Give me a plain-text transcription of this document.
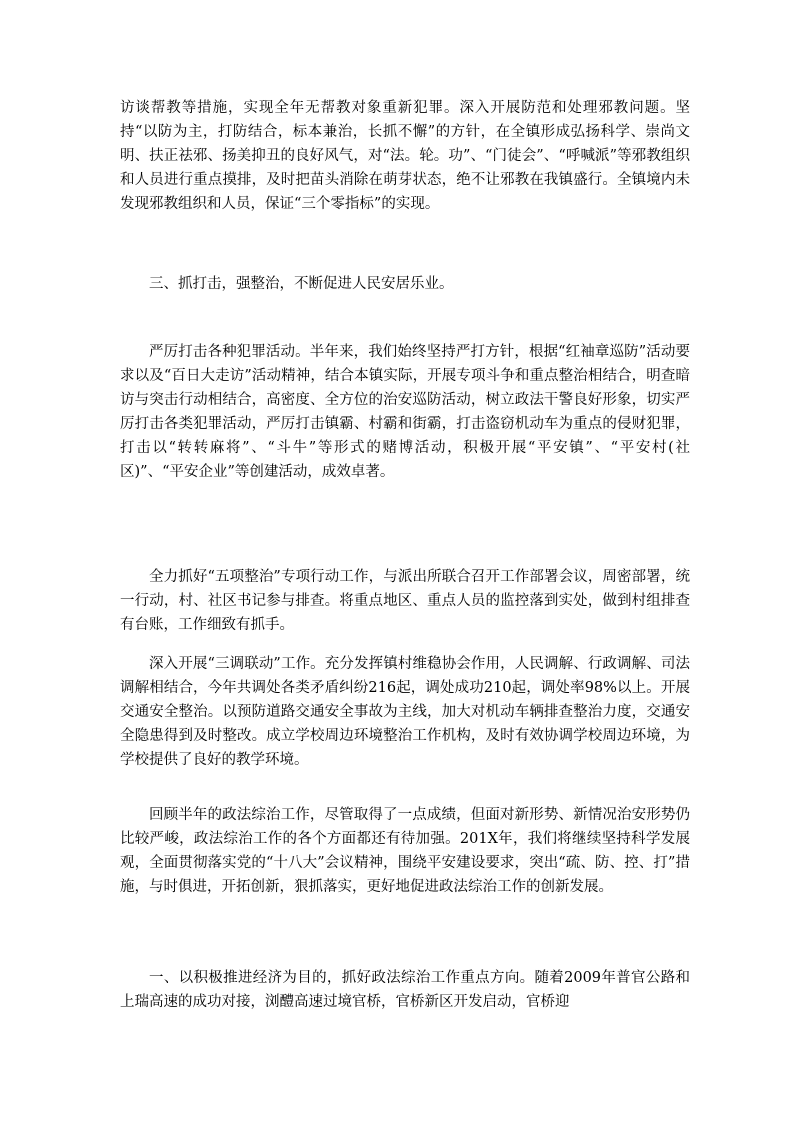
访谈帮教等措施，实现全年无帮教对象重新犯罪。深入开展防范和处理邪教问题。坚持“以防为主，打防结合，标本兼治，长抓不懈”的方针，在全镇形成弘扬科学、崇尚文明、扶正祛邪、扬美抑丑的良好风气，对“法。轮。功”、“门徒会”、“呼喊派”等邪教组织和人员进行重点摸排，及时把苗头消除在萌芽状态，绝不让邪教在我镇盛行。全镇境内未发现邪教组织和人员，保证“三个零指标”的实现。

三、抓打击，强整治，不断促进人民安居乐业。

严厉打击各种犯罪活动。半年来，我们始终坚持严打方针，根据“红袖章巡防”活动要求以及“百日大走访”活动精神，结合本镇实际，开展专项斗争和重点整治相结合，明查暗访与突击行动相结合，高密度、全方位的治安巡防活动，树立政法干警良好形象，切实严厉打击各类犯罪活动，严厉打击镇霸、村霸和街霸，打击盗窃机动车为重点的侵财犯罪，打击以“转转麻将”、“斗牛”等形式的赌博活动，积极开展“平安镇”、“平安村(社区)”、“平安企业”等创建活动，成效卓著。

全力抓好“五项整治”专项行动工作，与派出所联合召开工作部署会议，周密部署，统一行动，村、社区书记参与排查。将重点地区、重点人员的监控落到实处，做到村组排查有台账，工作细致有抓手。

深入开展“三调联动”工作。充分发挥镇村维稳协会作用，人民调解、行政调解、司法调解相结合，今年共调处各类矛盾纠纷216起，调处成功210起，调处率98%以上。开展交通安全整治。以预防道路交通安全事故为主线，加大对机动车辆排查整治力度，交通安全隐患得到及时整改。成立学校周边环境整治工作机构，及时有效协调学校周边环境，为学校提供了良好的教学环境。

回顾半年的政法综治工作，尽管取得了一点成绩，但面对新形势、新情况治安形势仍比较严峻，政法综治工作的各个方面都还有待加强。201X年，我们将继续坚持科学发展观，全面贯彻落实党的“十八大”会议精神，围绕平安建设要求，突出“疏、防、控、打”措施，与时俱进，开拓创新，狠抓落实，更好地促进政法综治工作的创新发展。

一、以积极推进经济为目的，抓好政法综治工作重点方向。随着2009年普官公路和上瑞高速的成功对接，浏醴高速过境官桥，官桥新区开发启动，官桥迎
